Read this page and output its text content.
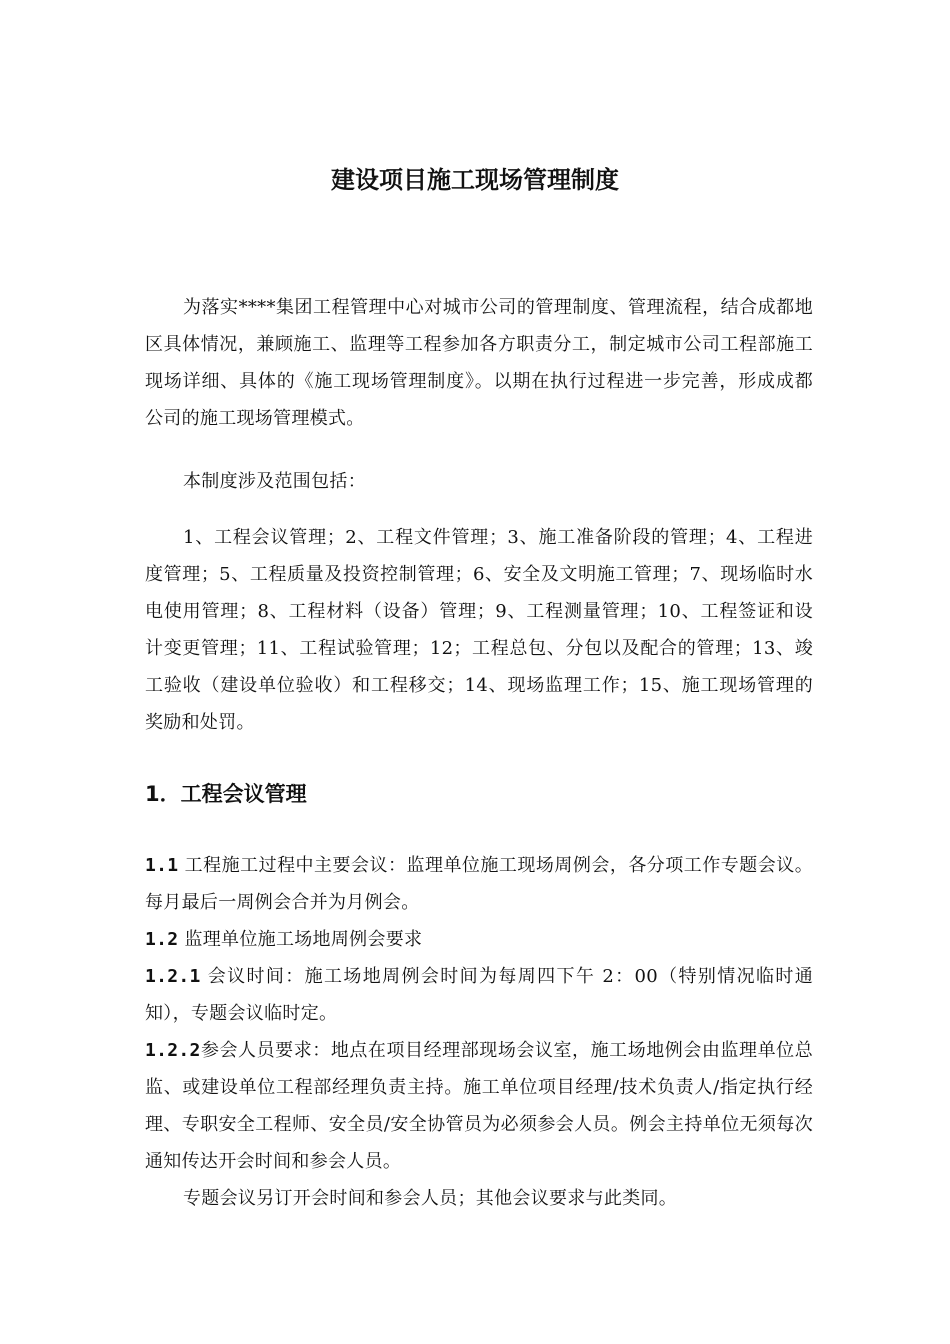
建设项目施工现场管理制度

为落实****集团工程管理中心对城市公司的管理制度、管理流程，结合成都地区具体情况，兼顾施工、监理等工程参加各方职责分工，制定城市公司工程部施工现场详细、具体的《施工现场管理制度》。以期在执行过程进一步完善，形成成都公司的施工现场管理模式。

本制度涉及范围包括：

1、工程会议管理；2、工程文件管理；3、施工准备阶段的管理；4、工程进度管理；5、工程质量及投资控制管理；6、安全及文明施工管理；7、现场临时水电使用管理；8、工程材料（设备）管理；9、工程测量管理；10、工程签证和设计变更管理；11、工程试验管理；12；工程总包、分包以及配合的管理；13、竣工验收（建设单位验收）和工程移交；14、现场监理工作；15、施工现场管理的奖励和处罚。

1．工程会议管理

1.1 工程施工过程中主要会议：监理单位施工现场周例会，各分项工作专题会议。每月最后一周例会合并为月例会。

1.2 监理单位施工场地周例会要求

1.2.1 会议时间：施工场地周例会时间为每周四下午 2：00（特别情况临时通知），专题会议临时定。

1.2.2参会人员要求：地点在项目经理部现场会议室，施工场地例会由监理单位总监、或建设单位工程部经理负责主持。施工单位项目经理/技术负责人/指定执行经理、专职安全工程师、安全员/安全协管员为必须参会人员。例会主持单位无须每次通知传达开会时间和参会人员。

专题会议另订开会时间和参会人员；其他会议要求与此类同。
